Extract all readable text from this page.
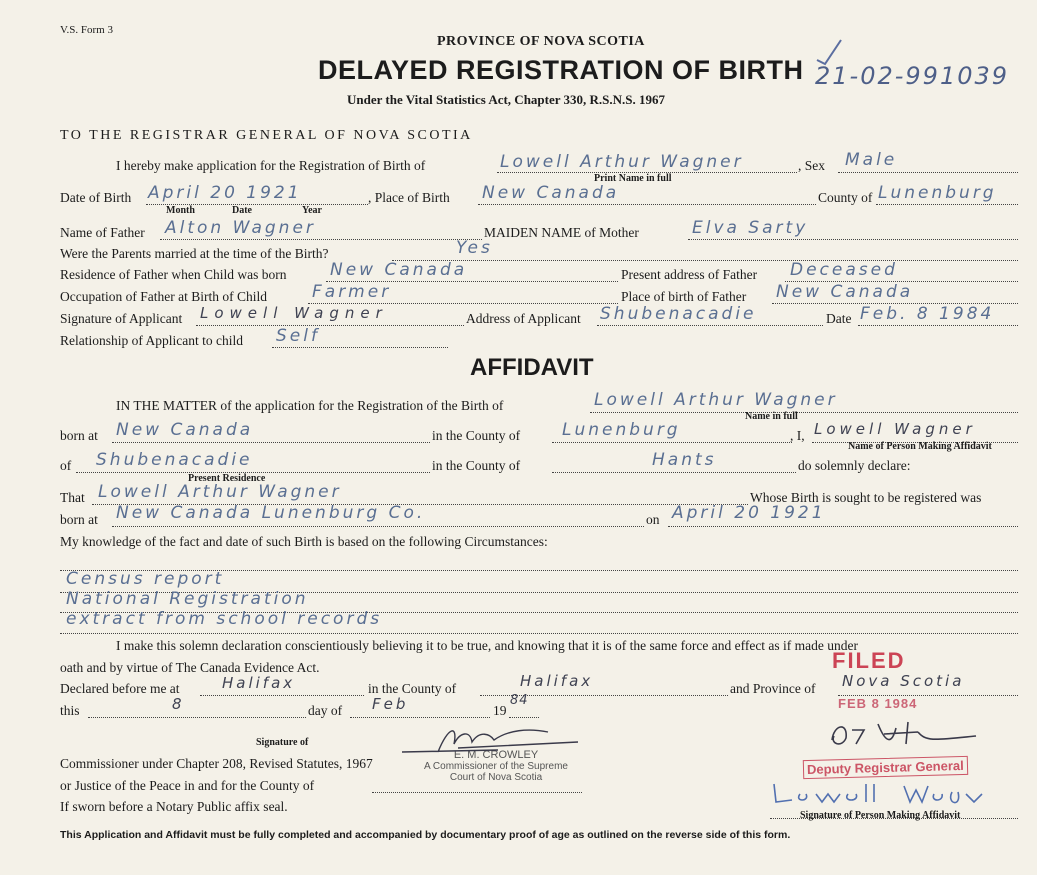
V.S. Form 3
PROVINCE OF NOVA SCOTIA
DELAYED REGISTRATION OF BIRTH 21-02-991039
Under the Vital Statistics Act, Chapter 330, R.S.N.S. 1967
TO THE REGISTRAR GENERAL OF NOVA SCOTIA
I hereby make application for the Registration of Birth of	Lowell Arthur Wagner	, Sex Male
Print Name in full
Date of Birth April 20 1921	, Place of Birth New Canada	County of Lunenburg
Month	Date	Year
Name of Father Alton Wagner	MAIDEN NAME of Mother	Elva Sarty
Were the Parents married at the time of the Birth?	Yes
Residence of Father when Child was born	New Canada	Present address of Father Deceased
Occupation of Father at Birth of Child	Farmer	Place of birth of Father New Canada
Signature of Applicant Lowell Wagner	Address of Applicant Shubenacadie	Date Feb. 8 1984
Relationship of Applicant to child Self
AFFIDAVIT
IN THE MATTER of the application for the Registration of the Birth of	Lowell Arthur Wagner
Name in full
born at New Canada	in the County of Lunenburg	, I, Lowell Wagner
Name of Person Making Affidavit
of Shubenacadie	in the County of	Hants	do solemnly declare:
Present Residence
That Lowell Arthur Wagner	Whose Birth is sought to be registered was
born at New Canada Lunenburg Co.	on April 20 1921
My knowledge of the fact and date of such Birth is based on the following Circumstances:
Census report
National Registration
extract from school records
I make this solemn declaration conscientiously believing it to be true, and knowing that it is of the same force and effect as if made under
oath and by virtue of The Canada Evidence Act.
Declared before me at	Halifax	in the County of	Halifax	and Province of Nova Scotia
this	8	day of Feb	19
84
Signature of
Commissioner under Chapter 208, Revised Statutes, 1967
or Justice of the Peace in and for the County of
If sworn before a Notary Public affix seal.
E. M. CROWLEY
A Commissioner of the Supreme
Court of Nova Scotia
FILED
FEB 8 1984
Deputy Registrar General
Signature of Person Making Affidavit
This Application and Affidavit must be fully completed and accompanied by documentary proof of age as outlined on the reverse side of this form.
